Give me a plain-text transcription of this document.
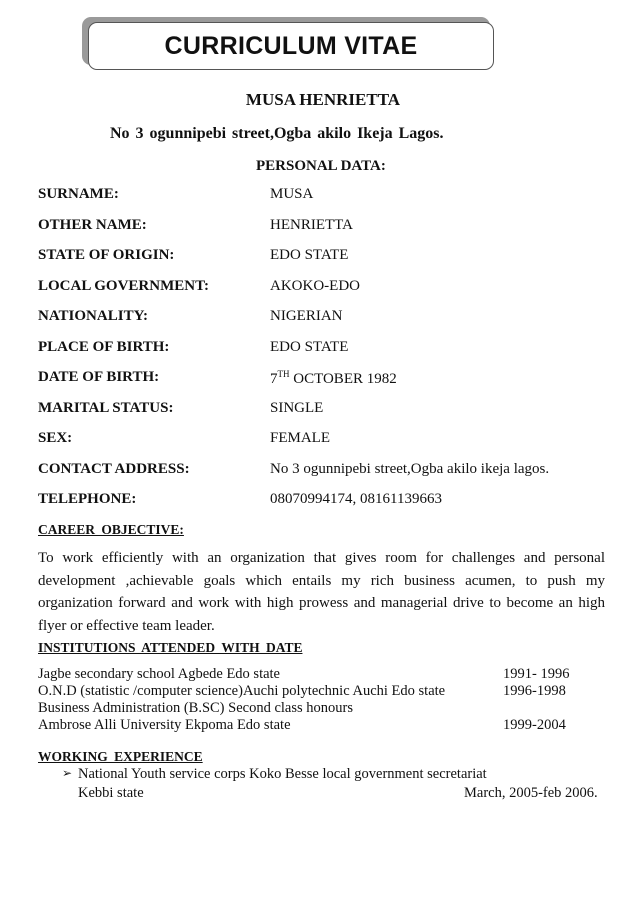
CURRICULUM VITAE
MUSA HENRIETTA
No 3 ogunnipebi street,Ogba akilo Ikeja Lagos.
PERSONAL DATA:
SURNAME:	MUSA
OTHER NAME:	HENRIETTA
STATE OF ORIGIN:	EDO STATE
LOCAL GOVERNMENT:	AKOKO-EDO
NATIONALITY:	NIGERIAN
PLACE OF BIRTH:	EDO STATE
DATE OF BIRTH:	7TH OCTOBER 1982
MARITAL STATUS:	SINGLE
SEX:	FEMALE
CONTACT ADDRESS:	No 3 ogunnipebi street,Ogba akilo ikeja lagos.
TELEPHONE:	08070994174, 08161139663
CAREER OBJECTIVE:
To work efficiently with an organization that gives room for challenges and personal development ,achievable goals which entails my rich business acumen, to push my organization forward and work with high prowess and managerial drive to become an high flyer or effective team leader.
INSTITUTIONS ATTENDED WITH DATE
Jagbe secondary school Agbede Edo state	1991- 1996
O.N.D (statistic /computer science)Auchi polytechnic Auchi Edo state	1996-1998
Business Administration (B.SC) Second class honours
Ambrose Alli University Ekpoma Edo state	1999-2004
WORKING EXPERIENCE
➢ National Youth service corps Koko Besse local government secretariat
Kebbi state	March, 2005-feb 2006.
